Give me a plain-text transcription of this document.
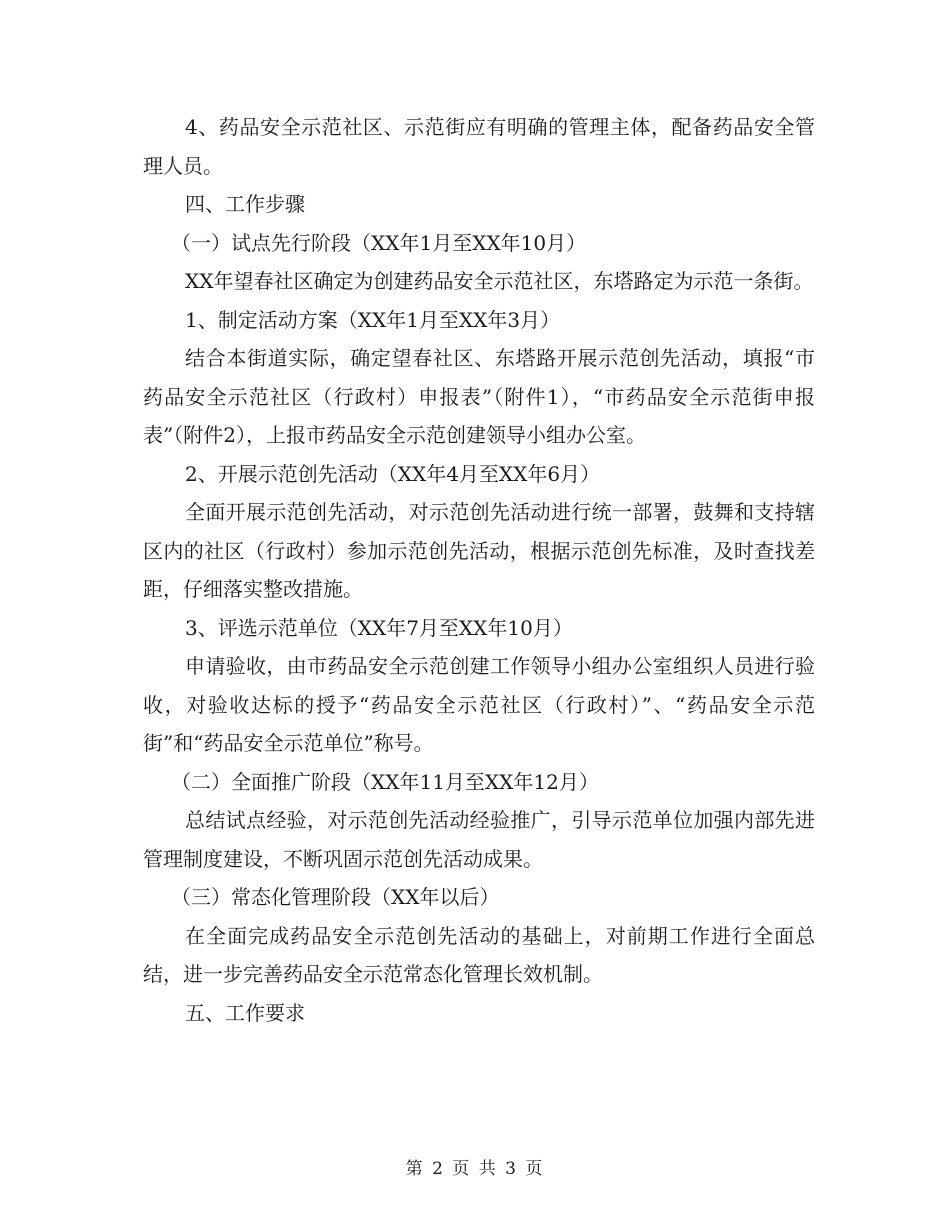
4、药品安全示范社区、示范街应有明确的管理主体，配备药品安全管理人员。

四、工作步骤

（一）试点先行阶段（XX年1月至XX年10月）

XX年望春社区确定为创建药品安全示范社区，东塔路定为示范一条街。

1、制定活动方案（XX年1月至XX年3月）

结合本街道实际，确定望春社区、东塔路开展示范创先活动，填报“市药品安全示范社区（行政村）申报表”（附件1），“市药品安全示范街申报表”（附件2），上报市药品安全示范创建领导小组办公室。

2、开展示范创先活动（XX年4月至XX年6月）

全面开展示范创先活动，对示范创先活动进行统一部署，鼓舞和支持辖区内的社区（行政村）参加示范创先活动，根据示范创先标准，及时查找差距，仔细落实整改措施。

3、评选示范单位（XX年7月至XX年10月）

申请验收，由市药品安全示范创建工作领导小组办公室组织人员进行验收，对验收达标的授予“药品安全示范社区（行政村）”、“药品安全示范街”和“药品安全示范单位”称号。

（二）全面推广阶段（XX年11月至XX年12月）

总结试点经验，对示范创先活动经验推广，引导示范单位加强内部先进管理制度建设，不断巩固示范创先活动成果。

（三）常态化管理阶段（XX年以后）

在全面完成药品安全示范创先活动的基础上，对前期工作进行全面总结，进一步完善药品安全示范常态化管理长效机制。

五、工作要求

第 2 页 共 3 页
